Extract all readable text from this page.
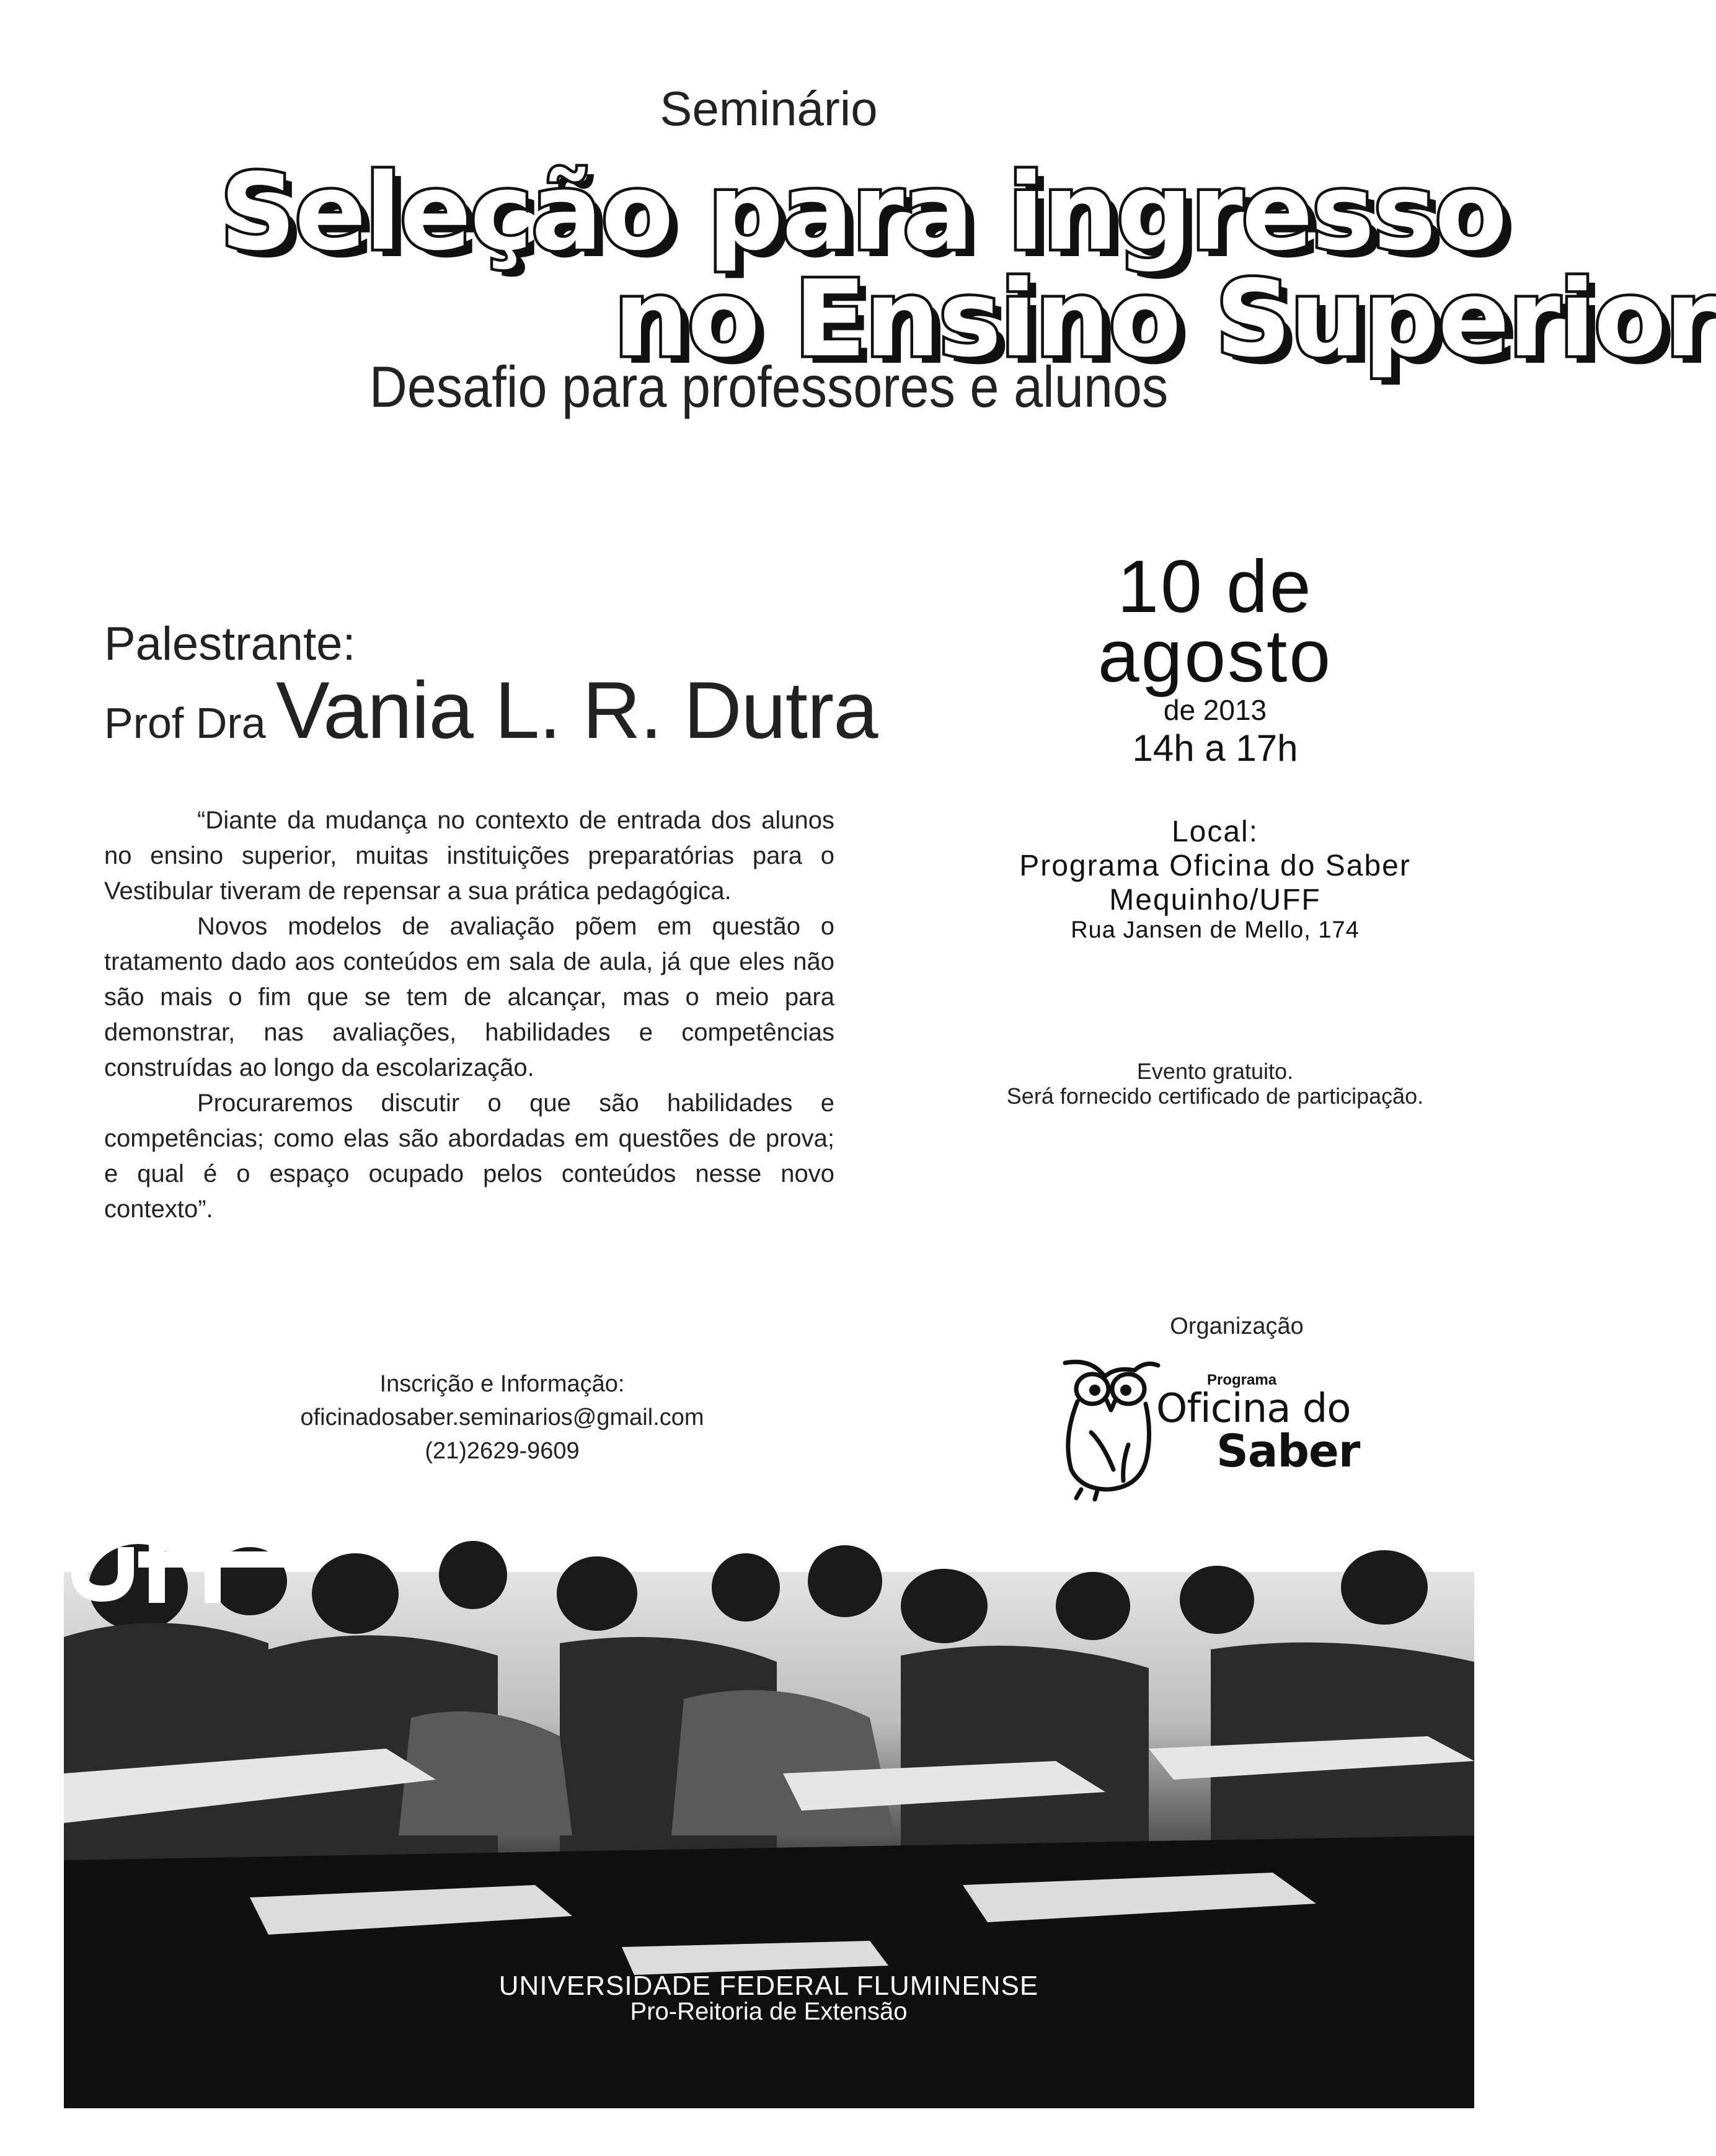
Seminário
Seleção para ingresso
no Ensino Superior
Desafio para professores e alunos
Palestrante:
Prof Dra Vania L. R. Dutra

“Diante da mudança no contexto de entrada dos alunos no ensino superior, muitas instituições preparatórias para o Vestibular tiveram de repensar a sua prática pedagógica.

Novos modelos de avaliação põem em questão o tratamento dado aos conteúdos em sala de aula, já que eles não são mais o fim que se tem de alcançar, mas o meio para demonstrar, nas avaliações, habilidades e competências construídas ao longo da escolarização.

Procuraremos discutir o que são habilidades e competências; como elas são abordadas em questões de prova; e qual é o espaço ocupado pelos conteúdos nesse novo contexto”.

10 de
agosto
de 2013
14h a 17h
Local:
Programa Oficina do Saber
Mequinho/UFF
Rua Jansen de Mello, 174
Evento gratuito.
Será fornecido certificado de participação.
Inscrição e Informação:
oficinadosaber.seminarios@gmail.com
(21)2629-9609
Organização
Programa
Oficina do
Saber
uff
UNIVERSIDADE FEDERAL FLUMINENSE
Pro-Reitoria de Extensão
